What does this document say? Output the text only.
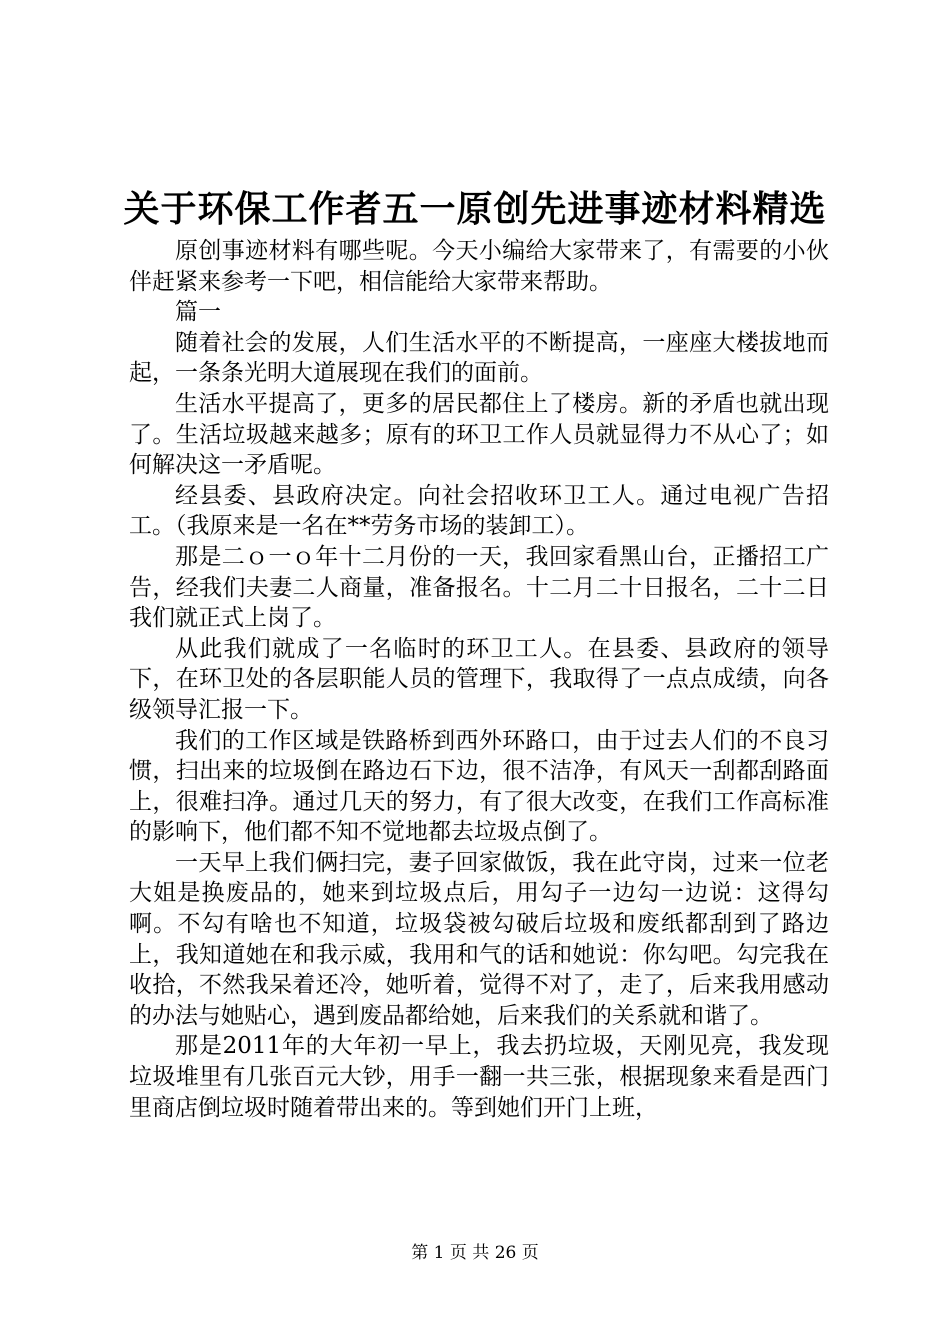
关于环保工作者五一原创先进事迹材料精选

原创事迹材料有哪些呢。今天小编给大家带来了，有需要的小伙伴赶紧来参考一下吧，相信能给大家带来帮助。

篇一

随着社会的发展，人们生活水平的不断提高，一座座大楼拔地而起，一条条光明大道展现在我们的面前。

生活水平提高了，更多的居民都住上了楼房。新的矛盾也就出现了。生活垃圾越来越多；原有的环卫工作人员就显得力不从心了；如何解决这一矛盾呢。

经县委、县政府决定。向社会招收环卫工人。通过电视广告招工。（我原来是一名在**劳务市场的装卸工）。

那是二ｏ一ｏ年十二月份的一天，我回家看黑山台，正播招工广告，经我们夫妻二人商量，准备报名。十二月二十日报名，二十二日我们就正式上岗了。

从此我们就成了一名临时的环卫工人。在县委、县政府的领导下，在环卫处的各层职能人员的管理下，我取得了一点点成绩，向各级领导汇报一下。

我们的工作区域是铁路桥到西外环路口，由于过去人们的不良习惯，扫出来的垃圾倒在路边石下边，很不洁净，有风天一刮都刮路面上，很难扫净。通过几天的努力，有了很大改变，在我们工作高标准的影响下，他们都不知不觉地都去垃圾点倒了。

一天早上我们俩扫完，妻子回家做饭，我在此守岗，过来一位老大姐是换废品的，她来到垃圾点后，用勾子一边勾一边说：这得勾啊。不勾有啥也不知道，垃圾袋被勾破后垃圾和废纸都刮到了路边上，我知道她在和我示威，我用和气的话和她说：你勾吧。勾完我在收拾，不然我呆着还冷，她听着，觉得不对了，走了，后来我用感动的办法与她贴心，遇到废品都给她，后来我们的关系就和谐了。

那是2011年的大年初一早上，我去扔垃圾，天刚见亮，我发现垃圾堆里有几张百元大钞，用手一翻一共三张，根据现象来看是西门里商店倒垃圾时随着带出来的。等到她们开门上班，

第 1 页 共 26 页
